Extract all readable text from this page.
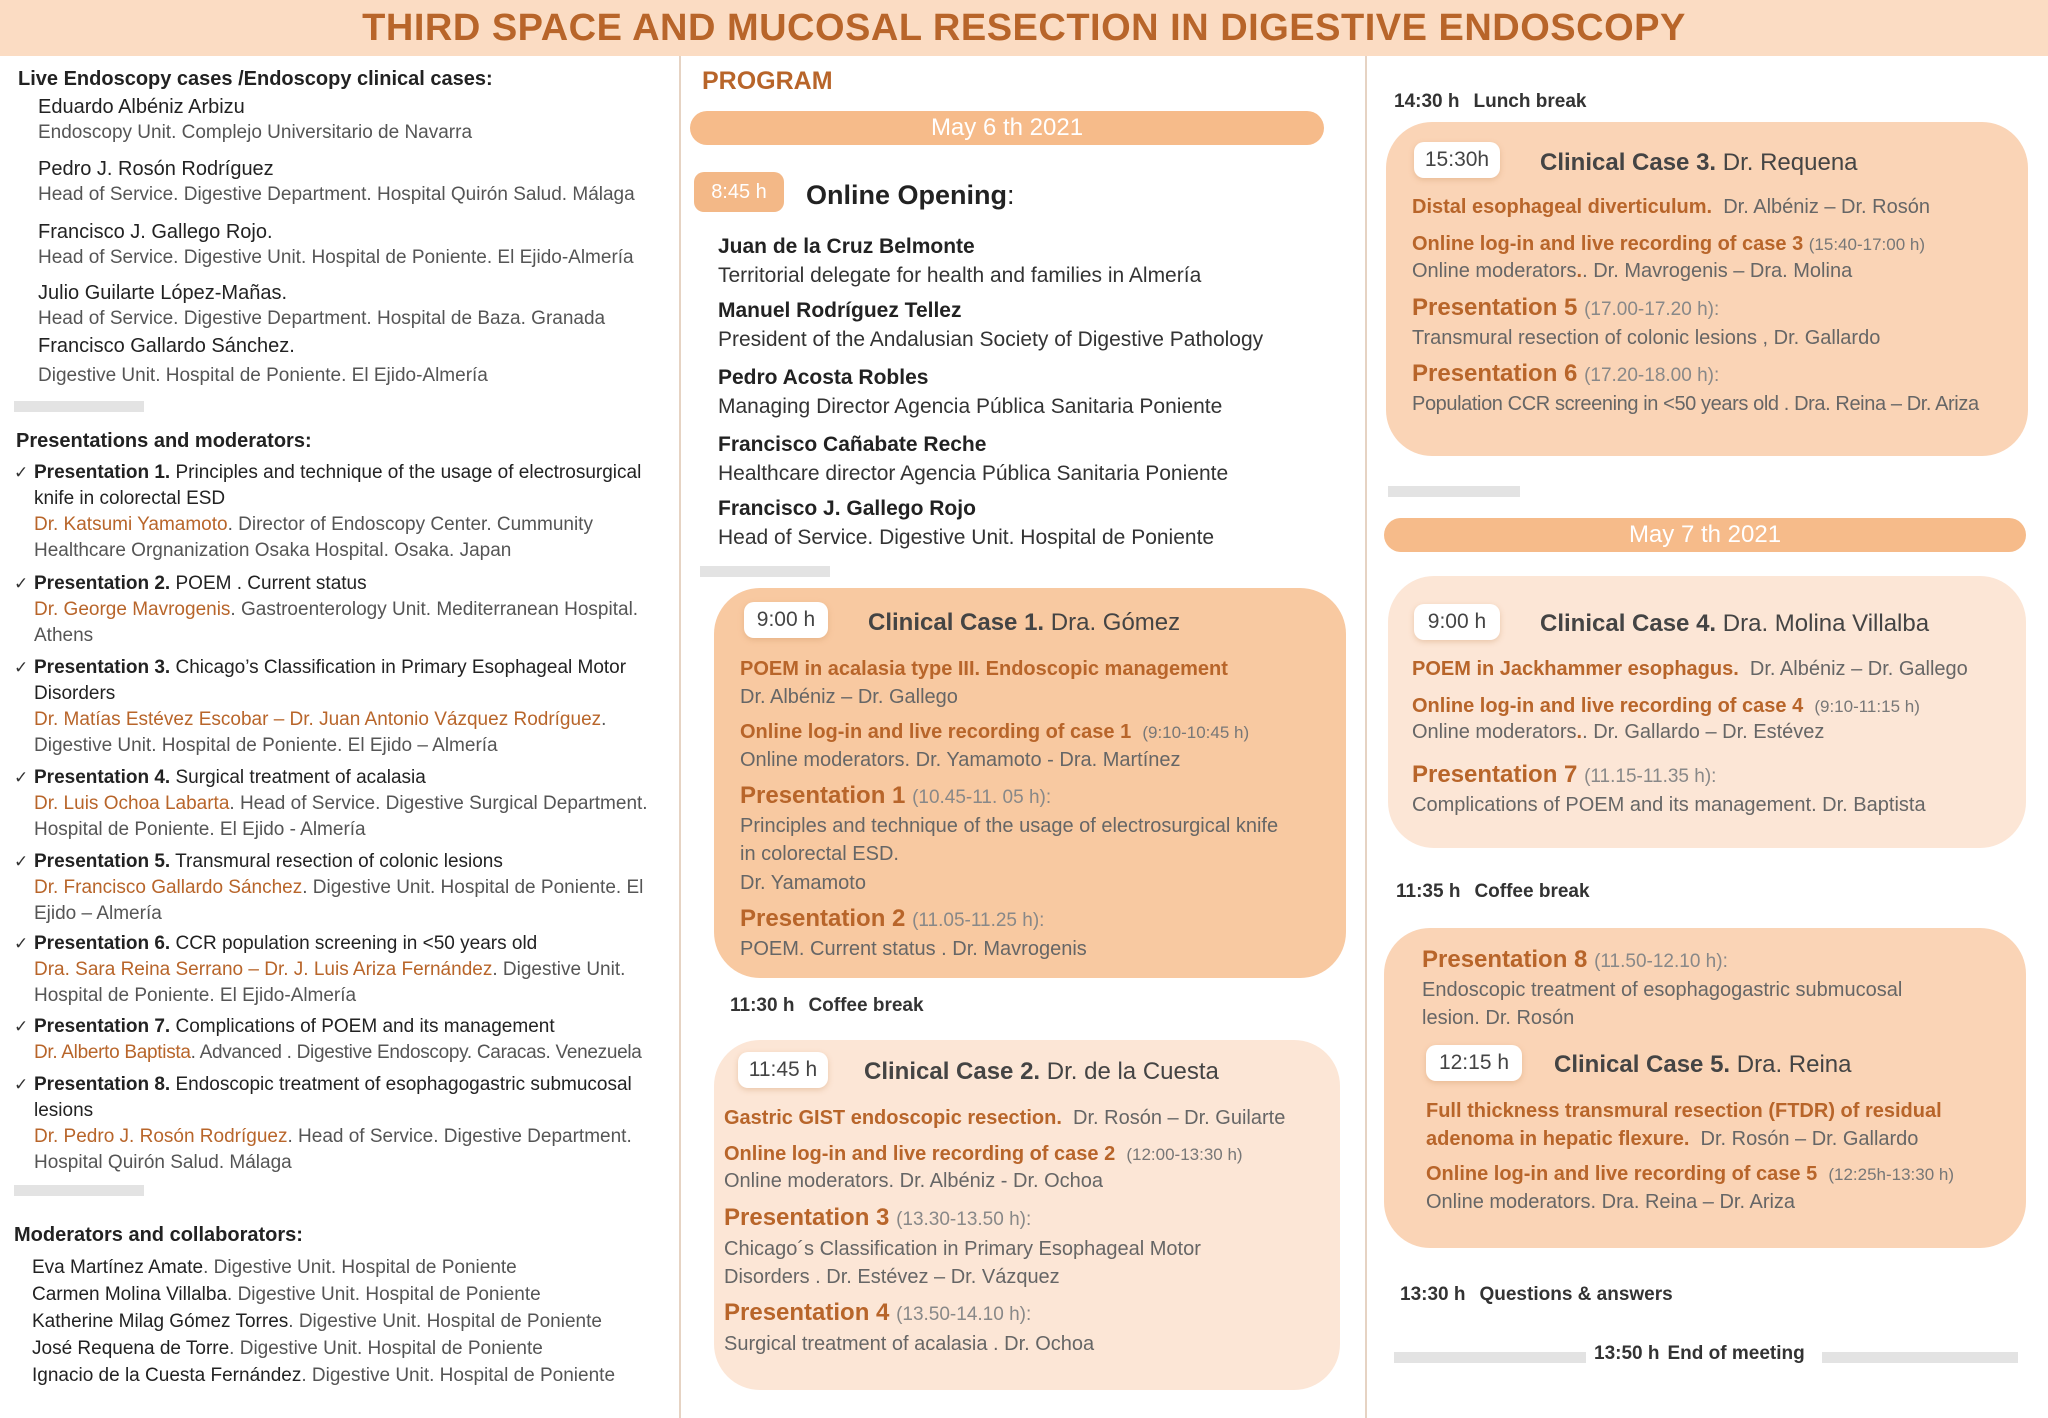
THIRD SPACE AND MUCOSAL RESECTION IN DIGESTIVE ENDOSCOPY
Live Endoscopy cases /Endoscopy clinical cases:
Eduardo Albéniz Arbizu
Endoscopy Unit. Complejo Universitario de Navarra
Pedro J. Rosón Rodríguez
Head of Service. Digestive Department. Hospital Quirón Salud. Málaga
Francisco J. Gallego Rojo.
Head of Service. Digestive Unit. Hospital de Poniente. El Ejido-Almería
Julio Guilarte López-Mañas.
Head of Service. Digestive Department. Hospital de Baza. Granada
Francisco Gallardo Sánchez.
Digestive Unit. Hospital de Poniente. El Ejido-Almería
Presentations and moderators:
✓ Presentation 1. Principles and technique of the usage of electrosurgical
knife in colorectal ESD
Dr. Katsumi Yamamoto. Director of Endoscopy Center. Cummunity
Healthcare Orgnanization Osaka Hospital. Osaka. Japan
✓ Presentation 2. POEM . Current status
Dr. George Mavrogenis. Gastroenterology Unit. Mediterranean Hospital.
Athens
✓ Presentation 3. Chicago’s Classification in Primary Esophageal Motor
Disorders
Dr. Matías Estévez Escobar – Dr. Juan Antonio Vázquez Rodríguez.
Digestive Unit. Hospital de Poniente. El Ejido – Almería
✓ Presentation 4. Surgical treatment of acalasia
Dr. Luis Ochoa Labarta. Head of Service. Digestive Surgical Department.
Hospital de Poniente. El Ejido - Almería
✓ Presentation 5. Transmural resection of colonic lesions
Dr. Francisco Gallardo Sánchez. Digestive Unit. Hospital de Poniente. El
Ejido – Almería
✓ Presentation 6. CCR population screening in <50 years old
Dra. Sara Reina Serrano – Dr. J. Luis Ariza Fernández. Digestive Unit.
Hospital de Poniente. El Ejido-Almería
✓ Presentation 7. Complications of POEM and its management
Dr. Alberto Baptista. Advanced . Digestive Endoscopy. Caracas. Venezuela
✓ Presentation 8. Endoscopic treatment of esophagogastric submucosal
lesions
Dr. Pedro J. Rosón Rodríguez. Head of Service. Digestive Department.
Hospital Quirón Salud. Málaga
Moderators and collaborators:
Eva Martínez Amate. Digestive Unit. Hospital de Poniente
Carmen Molina Villalba. Digestive Unit. Hospital de Poniente
Katherine Milag Gómez Torres. Digestive Unit. Hospital de Poniente
José Requena de Torre. Digestive Unit. Hospital de Poniente
Ignacio de la Cuesta Fernández. Digestive Unit. Hospital de Poniente
PROGRAM
May 6 th 2021
8:45 h	Online Opening:
Juan de la Cruz Belmonte
Territorial delegate for health and families in Almería
Manuel Rodríguez Tellez
President of the Andalusian Society of Digestive Pathology
Pedro Acosta Robles
Managing Director Agencia Pública Sanitaria Poniente
Francisco Cañabate Reche
Healthcare director Agencia Pública Sanitaria Poniente
Francisco J. Gallego Rojo
Head of Service. Digestive Unit. Hospital de Poniente
9:00 h	Clinical Case 1. Dra. Gómez
POEM in acalasia type III. Endoscopic management
Dr. Albéniz – Dr. Gallego
Online log-in and live recording of case 1 (9:10-10:45 h)
Online moderators. Dr. Yamamoto - Dra. Martínez
Presentation 1 (10.45-11. 05 h):
Principles and technique of the usage of electrosurgical knife
in colorectal ESD.
Dr. Yamamoto
Presentation 2 (11.05-11.25 h):
POEM. Current status . Dr. Mavrogenis
11:30 h Coffee break
11:45 h	Clinical Case 2. Dr. de la Cuesta
Gastric GIST endoscopic resection. Dr. Rosón – Dr. Guilarte
Online log-in and live recording of case 2 (12:00-13:30 h)
Online moderators. Dr. Albéniz - Dr. Ochoa
Presentation 3 (13.30-13.50 h):
Chicago´s Classification in Primary Esophageal Motor
Disorders . Dr. Estévez – Dr. Vázquez
Presentation 4 (13.50-14.10 h):
Surgical treatment of acalasia . Dr. Ochoa
14:30 h Lunch break
15:30h	Clinical Case 3. Dr. Requena
Distal esophageal diverticulum. Dr. Albéniz – Dr. Rosón
Online log-in and live recording of case 3 (15:40-17:00 h)
Online moderators.. Dr. Mavrogenis – Dra. Molina
Presentation 5 (17.00-17.20 h):
Transmural resection of colonic lesions , Dr. Gallardo
Presentation 6 (17.20-18.00 h):
Population CCR screening in <50 years old . Dra. Reina – Dr. Ariza
May 7 th 2021
9:00 h	Clinical Case 4. Dra. Molina Villalba
POEM in Jackhammer esophagus. Dr. Albéniz – Dr. Gallego
Online log-in and live recording of case 4 (9:10-11:15 h)
Online moderators.. Dr. Gallardo – Dr. Estévez
Presentation 7 (11.15-11.35 h):
Complications of POEM and its management. Dr. Baptista
11:35 h Coffee break
Presentation 8 (11.50-12.10 h):
Endoscopic treatment of esophagogastric submucosal
lesion. Dr. Rosón
12:15 h	Clinical Case 5. Dra. Reina
Full thickness transmural resection (FTDR) of residual
adenoma in hepatic flexure. Dr. Rosón – Dr. Gallardo
Online log-in and live recording of case 5 (12:25h-13:30 h)
Online moderators. Dra. Reina – Dr. Ariza
13:30 h Questions & answers
13:50 h End of meeting
